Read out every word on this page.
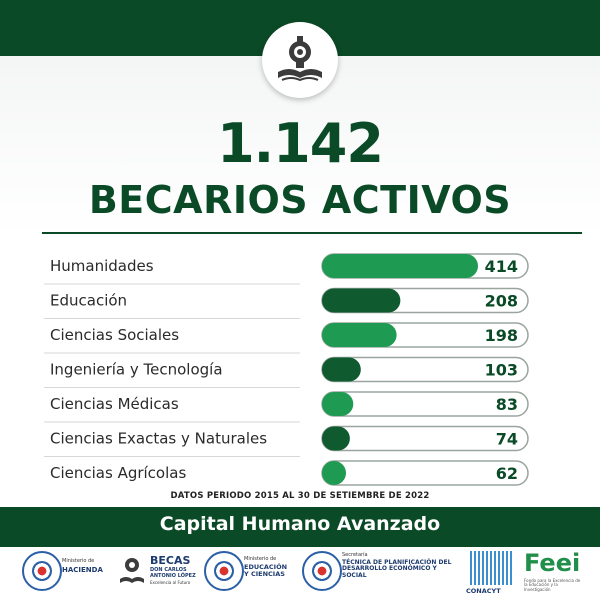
1.142
BECARIOS ACTIVOS
Humanidades	414
Educación	208
Ciencias Sociales	198
Ingeniería y Tecnología	103
Ciencias Médicas	83
Ciencias Exactas y Naturales	74
Ciencias Agrícolas	62
DATOS PERIODO 2015 AL 30 DE SETIEMBRE DE 2022
Capital Humano Avanzado
Ministerio de
HACIENDA
BECAS
DON CARLOS ANTONIO LÓPEZ
Excelencia al Futuro
Ministerio de
EDUCACIÓN Y CIENCIAS
Secretaría
TÉCNICA DE PLANIFICACIÓN DEL DESARROLLO ECONÓMICO Y SOCIAL
CONACYT
Feei
Fondo para la Excelencia de la Educación y la Investigación
